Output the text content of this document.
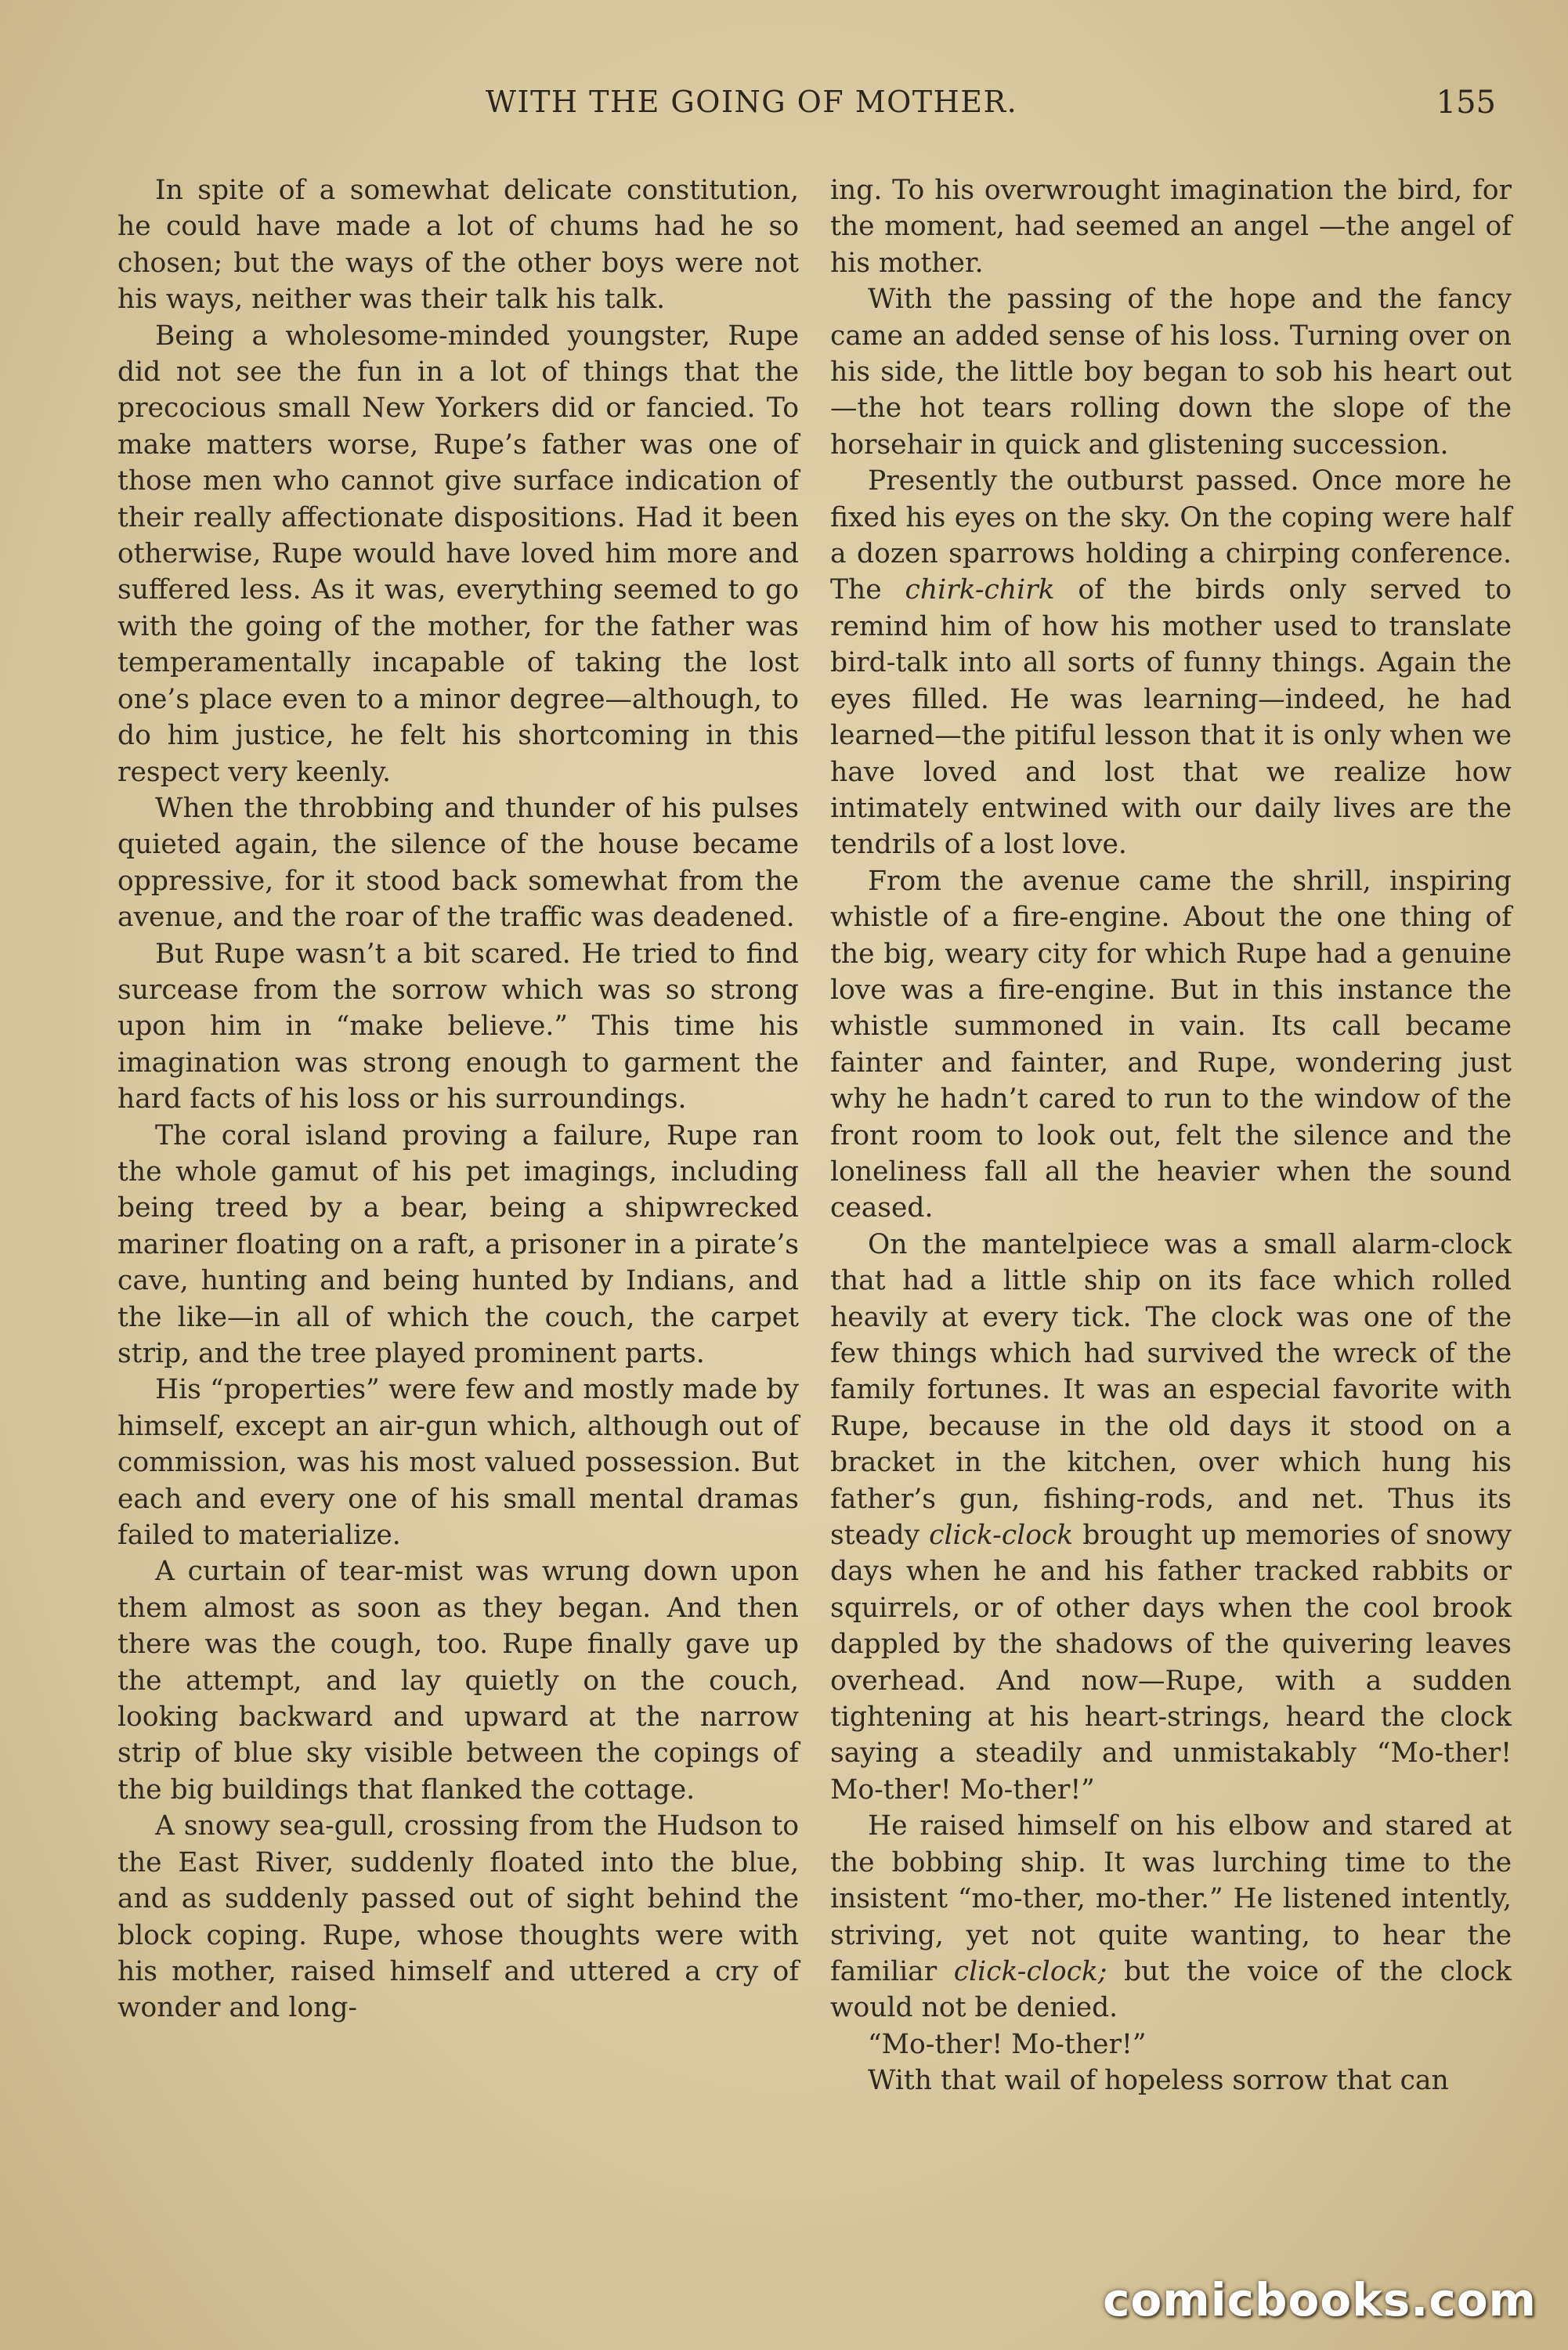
WITH THE GOING OF MOTHER.	155

In spite of a somewhat delicate constitution, he could have made a lot of chums had he so chosen; but the ways of the other boys were not his ways, neither was their talk his talk.

Being a wholesome-minded youngster, Rupe did not see the fun in a lot of things that the precocious small New Yorkers did or fancied. To make matters worse, Rupe’s father was one of those men who cannot give surface indication of their really affectionate dispositions. Had it been otherwise, Rupe would have loved him more and suffered less. As it was, everything seemed to go with the going of the mother, for the father was temperamentally incapable of taking the lost one’s place even to a minor degree—although, to do him justice, he felt his shortcoming in this respect very keenly.

When the throbbing and thunder of his pulses quieted again, the silence of the house became oppressive, for it stood back somewhat from the avenue, and the roar of the traffic was deadened.

But Rupe wasn’t a bit scared. He tried to find surcease from the sorrow which was so strong upon him in “make believe.” This time his imagination was strong enough to garment the hard facts of his loss or his surroundings.

The coral island proving a failure, Rupe ran the whole gamut of his pet imagings, including being treed by a bear, being a shipwrecked mariner floating on a raft, a prisoner in a pirate’s cave, hunting and being hunted by Indians, and the like—in all of which the couch, the carpet strip, and the tree played prominent parts.

His “properties” were few and mostly made by himself, except an air-gun which, although out of commission, was his most valued possession. But each and every one of his small mental dramas failed to materialize.

A curtain of tear-mist was wrung down upon them almost as soon as they began. And then there was the cough, too. Rupe finally gave up the attempt, and lay quietly on the couch, looking backward and upward at the narrow strip of blue sky visible between the copings of the big buildings that flanked the cottage.

A snowy sea-gull, crossing from the Hudson to the East River, suddenly floated into the blue, and as suddenly passed out of sight behind the block coping. Rupe, whose thoughts were with his mother, raised himself and uttered a cry of wonder and long-

ing. To his overwrought imagination the bird, for the moment, had seemed an angel —the angel of his mother.

With the passing of the hope and the fancy came an added sense of his loss. Turning over on his side, the little boy began to sob his heart out—the hot tears rolling down the slope of the horsehair in quick and glistening succession.

Presently the outburst passed. Once more he fixed his eyes on the sky. On the coping were half a dozen sparrows holding a chirping conference. The chirk-chirk of the birds only served to remind him of how his mother used to translate bird-talk into all sorts of funny things. Again the eyes filled. He was learning—indeed, he had learned—the pitiful lesson that it is only when we have loved and lost that we realize how intimately entwined with our daily lives are the tendrils of a lost love.

From the avenue came the shrill, inspiring whistle of a fire-engine. About the one thing of the big, weary city for which Rupe had a genuine love was a fire-engine. But in this instance the whistle summoned in vain. Its call became fainter and fainter, and Rupe, wondering just why he hadn’t cared to run to the window of the front room to look out, felt the silence and the loneliness fall all the heavier when the sound ceased.

On the mantelpiece was a small alarm-clock that had a little ship on its face which rolled heavily at every tick. The clock was one of the few things which had survived the wreck of the family fortunes. It was an especial favorite with Rupe, because in the old days it stood on a bracket in the kitchen, over which hung his father’s gun, fishing-rods, and net. Thus its steady click-clock brought up memories of snowy days when he and his father tracked rabbits or squirrels, or of other days when the cool brook dappled by the shadows of the quivering leaves overhead. And now—Rupe, with a sudden tightening at his heart-strings, heard the clock saying a steadily and unmistakably “Mo-ther! Mo-ther! Mo-ther!”

He raised himself on his elbow and stared at the bobbing ship. It was lurching time to the insistent “mo-ther, mo-ther.” He listened intently, striving, yet not quite wanting, to hear the familiar click-clock; but the voice of the clock would not be denied.

“Mo-ther! Mo-ther!”

With that wail of hopeless sorrow that can

comicbooks.com
